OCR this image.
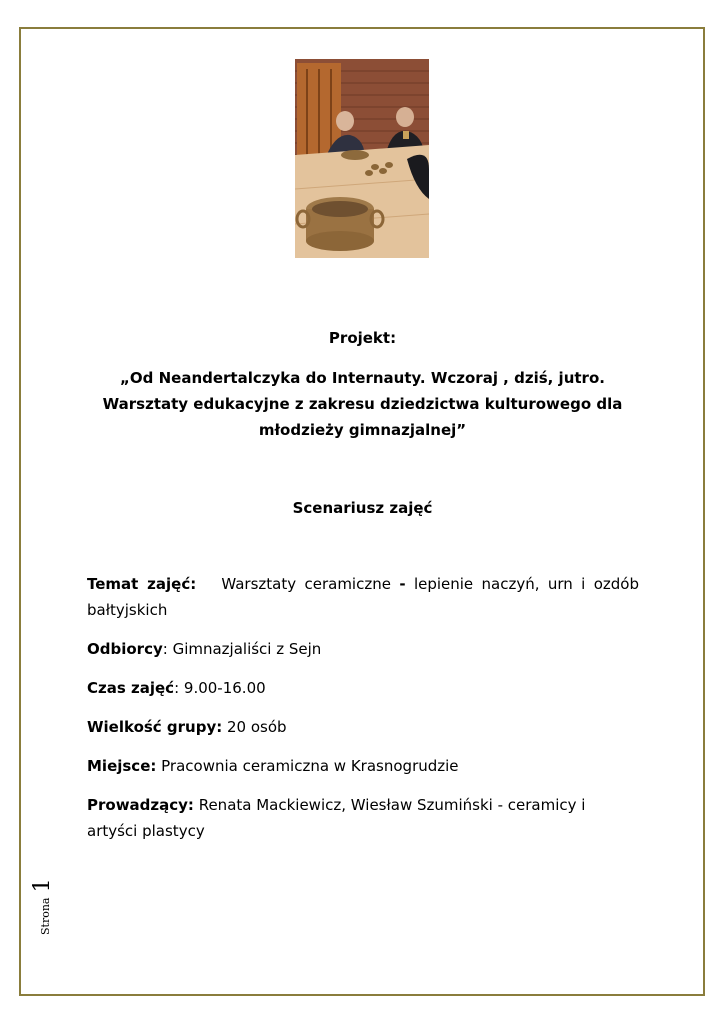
Projekt:
„Od Neandertalczyka do Internauty. Wczoraj , dziś, jutro.
Warsztaty edukacyjne z zakresu dziedzictwa kulturowego dla
młodzieży gimnazjalnej”
Scenariusz zajęć
Temat zajęć: Warsztaty ceramiczne - lepienie naczyń, urn i ozdób bałtyjskich
Odbiorcy: Gimnazjaliści z Sejn
Czas zajęć: 9.00-16.00
Wielkość grupy: 20 osób
Miejsce: Pracownia ceramiczna w Krasnogrudzie
Prowadzący: Renata Mackiewicz, Wiesław Szumiński - ceramicy i artyści plastycy
Strona 1
